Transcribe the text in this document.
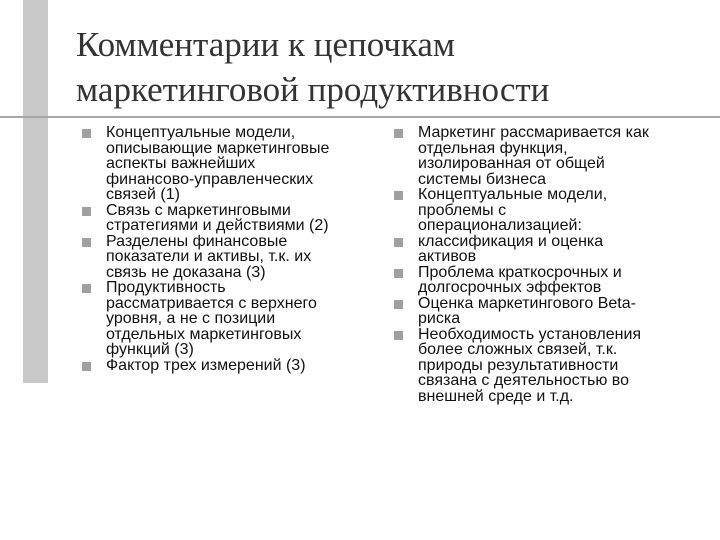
Комментарии к цепочкам
маркетинговой продуктивности
Концептуальные модели,
описывающие маркетинговые
аспекты важнейших
финансово-управленческих
связей (1)
Связь с маркетинговыми
стратегиями и действиями (2)
Разделены финансовые
показатели и активы, т.к. их
связь не доказана (3)
Продуктивность
рассматривается с верхнего
уровня, а не с позиции
отдельных маркетинговых
функций (3)
Фактор трех измерений (3)
Маркетинг рассмаривается как
отдельная функция,
изолированная от общей
системы бизнеса
Концептуальные модели,
проблемы с
операционализацией:
классификация и оценка
активов
Проблема краткосрочных и
долгосрочных эффектов
Оценка маркетингового Beta-
риска
Необходимость установления
более сложных связей, т.к.
природы результативности
связана с деятельностью во
внешней среде и т.д.
